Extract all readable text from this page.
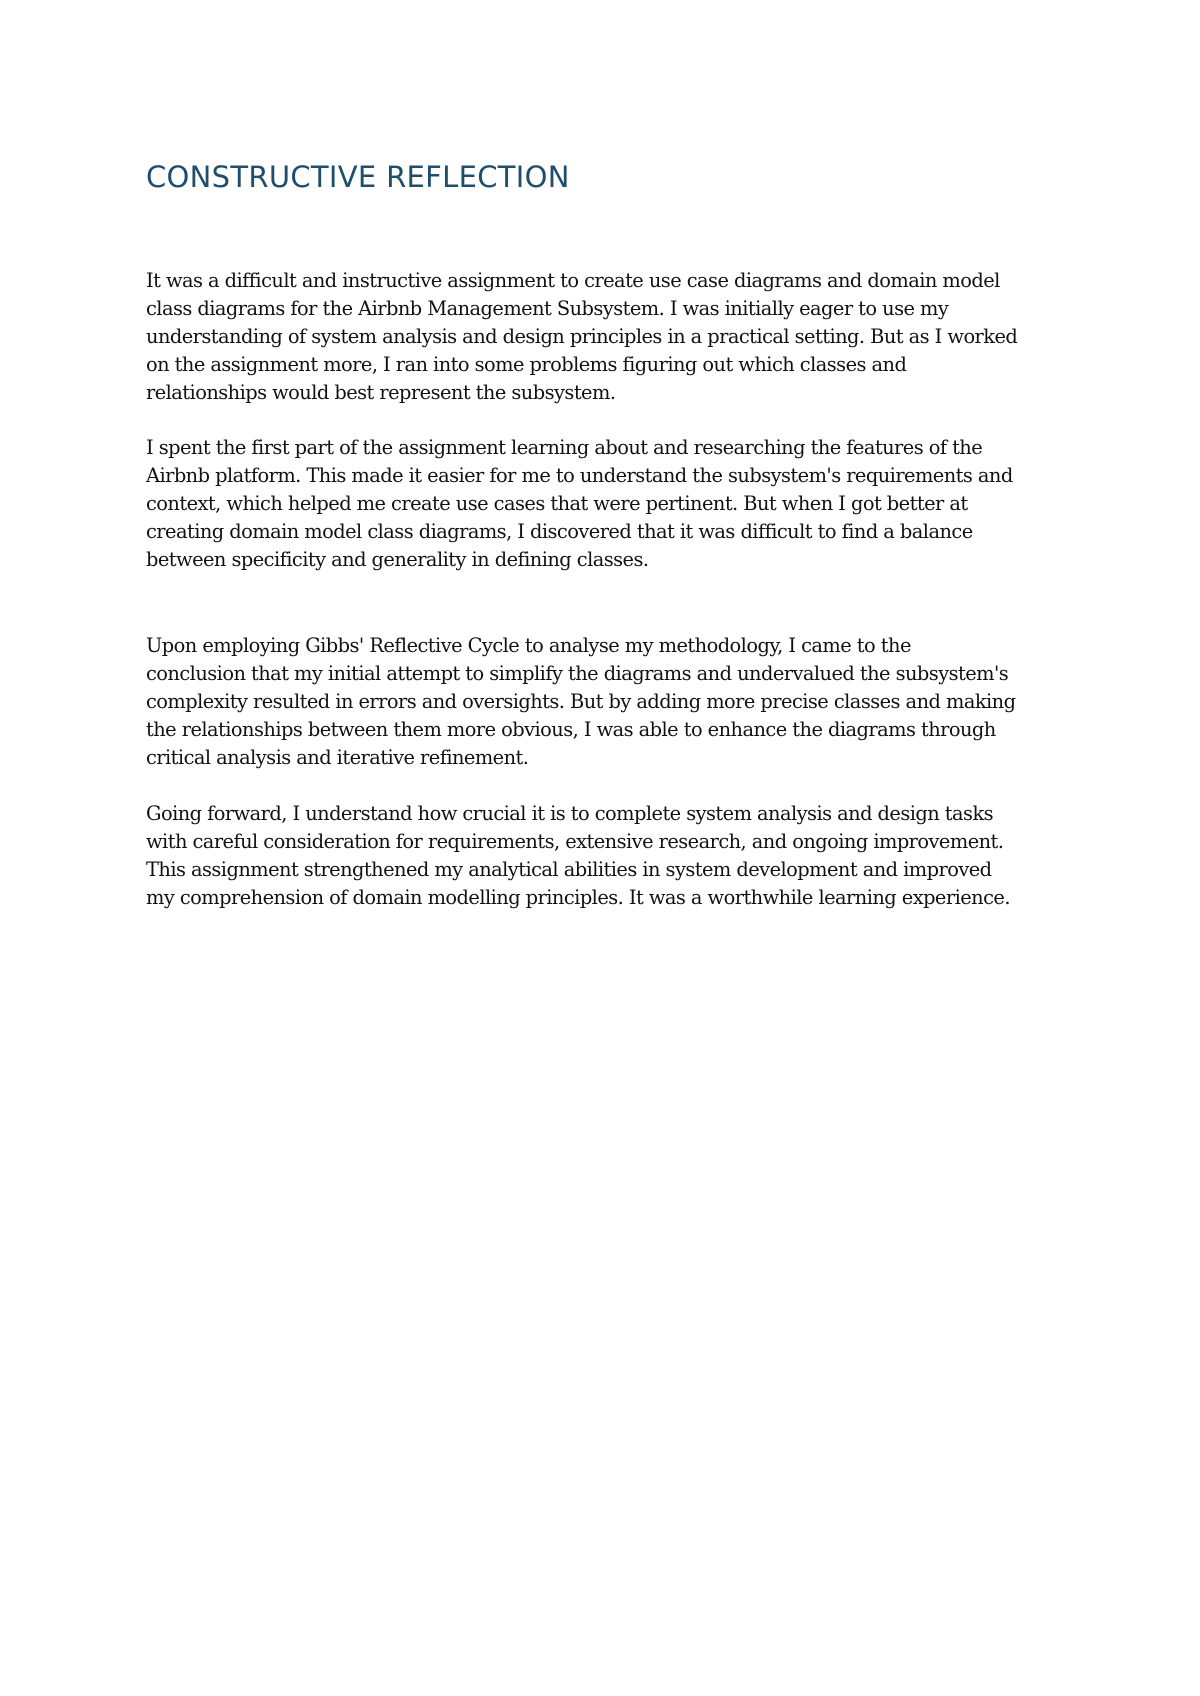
CONSTRUCTIVE REFLECTION

It was a difficult and instructive assignment to create use case diagrams and domain model
class diagrams for the Airbnb Management Subsystem. I was initially eager to use my
understanding of system analysis and design principles in a practical setting. But as I worked
on the assignment more, I ran into some problems figuring out which classes and
relationships would best represent the subsystem.

I spent the first part of the assignment learning about and researching the features of the
Airbnb platform. This made it easier for me to understand the subsystem's requirements and
context, which helped me create use cases that were pertinent. But when I got better at
creating domain model class diagrams, I discovered that it was difficult to find a balance
between specificity and generality in defining classes.

Upon employing Gibbs' Reflective Cycle to analyse my methodology, I came to the
conclusion that my initial attempt to simplify the diagrams and undervalued the subsystem's
complexity resulted in errors and oversights. But by adding more precise classes and making
the relationships between them more obvious, I was able to enhance the diagrams through
critical analysis and iterative refinement.

Going forward, I understand how crucial it is to complete system analysis and design tasks
with careful consideration for requirements, extensive research, and ongoing improvement.
This assignment strengthened my analytical abilities in system development and improved
my comprehension of domain modelling principles. It was a worthwhile learning experience.
